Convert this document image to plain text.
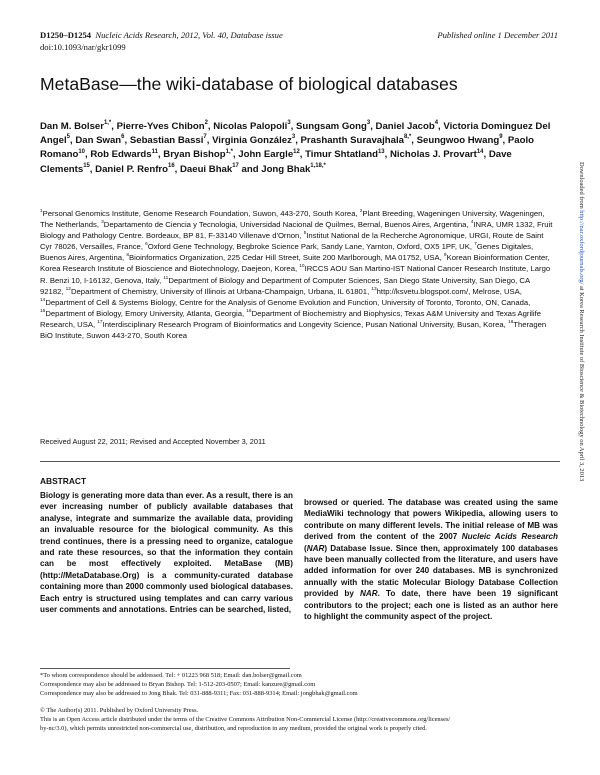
D1250–D1254 Nucleic Acids Research, 2012, Vol. 40, Database issue
doi:10.1093/nar/gkr1099
Published online 1 December 2011
MetaBase—the wiki-database of biological databases
Dan M. Bolser$^{1,*}$, Pierre-Yves Chibon$^2$, Nicolas Palopoli$^3$, Sungsam Gong$^3$, Daniel Jacob$^4$, Victoria Dominguez Del Angel$^5$, Dan Swan$^6$, Sebastian Bassi$^7$, Virginia González$^3$, Prashanth Suravajhala$^{8,*}$, Seungwoo Hwang$^9$, Paolo Romano$^{10}$, Rob Edwards$^{11}$, Bryan Bishop$^{1,*}$, John Eargle$^{12}$, Timur Shtatland$^{13}$, Nicholas J. Provart$^{14}$, Dave Clements$^{15}$, Daniel P. Renfro$^{16}$, Daeui Bhak$^{17}$ and Jong Bhak$^{1,18,*}$
$^1$Personal Genomics Institute, Genome Research Foundation, Suwon, 443-270, South Korea, $^2$Plant Breeding, Wageningen University, Wageningen, The Netherlands, $^3$Departamento de Ciencia y Tecnologia, Universidad Nacional de Quilmes, Bernal, Buenos Aires, Argentina, $^4$INRA, UMR 1332, Fruit Biology and Pathology Centre. Bordeaux, BP 81, F-33140 Villenave d'Ornon, $^5$Institut National de la Recherche Agronomique, URGI, Route de Saint Cyr 78026, Versailles, France, $^6$Oxford Gene Technology, Begbroke Science Park, Sandy Lane, Yarnton, Oxford, OX5 1PF, UK, $^7$Genes Digitales, Buenos Aires, Argentina, $^8$Bioinformatics Organization, 225 Cedar Hill Street, Suite 200 Marlborough, MA 01752, USA, $^9$Korean Bioinformation Center, Korea Research Institute of Bioscience and Biotechnology, Daejeon, Korea, $^{10}$IRCCS AOU San Martino-IST National Cancer Research Institute, Largo R. Benzi 10, I-16132, Genova, Italy, $^{11}$Department of Biology and Department of Computer Sciences, San Diego State University, San Diego, CA 92182, $^{12}$Department of Chemistry, University of Illinois at Urbana-Champaign, Urbana, IL 61801, $^{13}$http://ksvetu.blogspot.com/, Melrose, USA, $^{14}$Department of Cell & Systems Biology, Centre for the Analysis of Genome Evolution and Function, University of Toronto, Toronto, ON, Canada, $^{15}$Department of Biology, Emory University, Atlanta, Georgia, $^{16}$Department of Biochemistry and Biophysics, Texas A&M University and Texas Agrilife Research, USA, $^{17}$Interdisciplinary Research Program of Bioinformatics and Longevity Science, Pusan National University, Busan, Korea, $^{18}$Theragen BiO Institute, Suwon 443-270, South Korea
Received August 22, 2011; Revised and Accepted November 3, 2011
ABSTRACT
Biology is generating more data than ever. As a result, there is an ever increasing number of publicly available databases that analyse, integrate and summarize the available data, providing an invaluable resource for the biological community. As this trend continues, there is a pressing need to organize, catalogue and rate these resources, so that the information they contain can be most effectively exploited. MetaBase (MB) (http://MetaDatabase.Org) is a community-curated database containing more than 2000 commonly used biological databases. Each entry is structured using templates and can carry various user comments and annotations. Entries can be searched, listed,
browsed or queried. The database was created using the same MediaWiki technology that powers Wikipedia, allowing users to contribute on many different levels. The initial release of MB was derived from the content of the 2007 Nucleic Acids Research (NAR) Database Issue. Since then, approximately 100 databases have been manually collected from the literature, and users have added information for over 240 databases. MB is synchronized annually with the static Molecular Biology Database Collection provided by NAR. To date, there have been 19 significant contributors to the project; each one is listed as an author here to highlight the community aspect of the project.
*To whom correspondence should be addressed. Tel: + 01223 968 518; Email: dan.bolser@gmail.com
Correspondence may also be addressed to Bryan Bishop. Tel: 1-512-203-0507; Email: kanzure@gmail.com
Correspondence may also be addressed to Jong Bhak. Tel: 031-888-9311; Fax: 031-888-9314; Email: jongbhak@gmail.com
© The Author(s) 2011. Published by Oxford University Press.
This is an Open Access article distributed under the terms of the Creative Commons Attribution Non-Commercial License (http://creativecommons.org/licenses/
by-nc/3.0), which permits unrestricted non-commercial use, distribution, and reproduction in any medium, provided the original work is properly cited.
Downloaded from http://nar.oxfordjournals.org/ at Korea Research Institute of Bioscience & Biotechnology on April 3, 2013
